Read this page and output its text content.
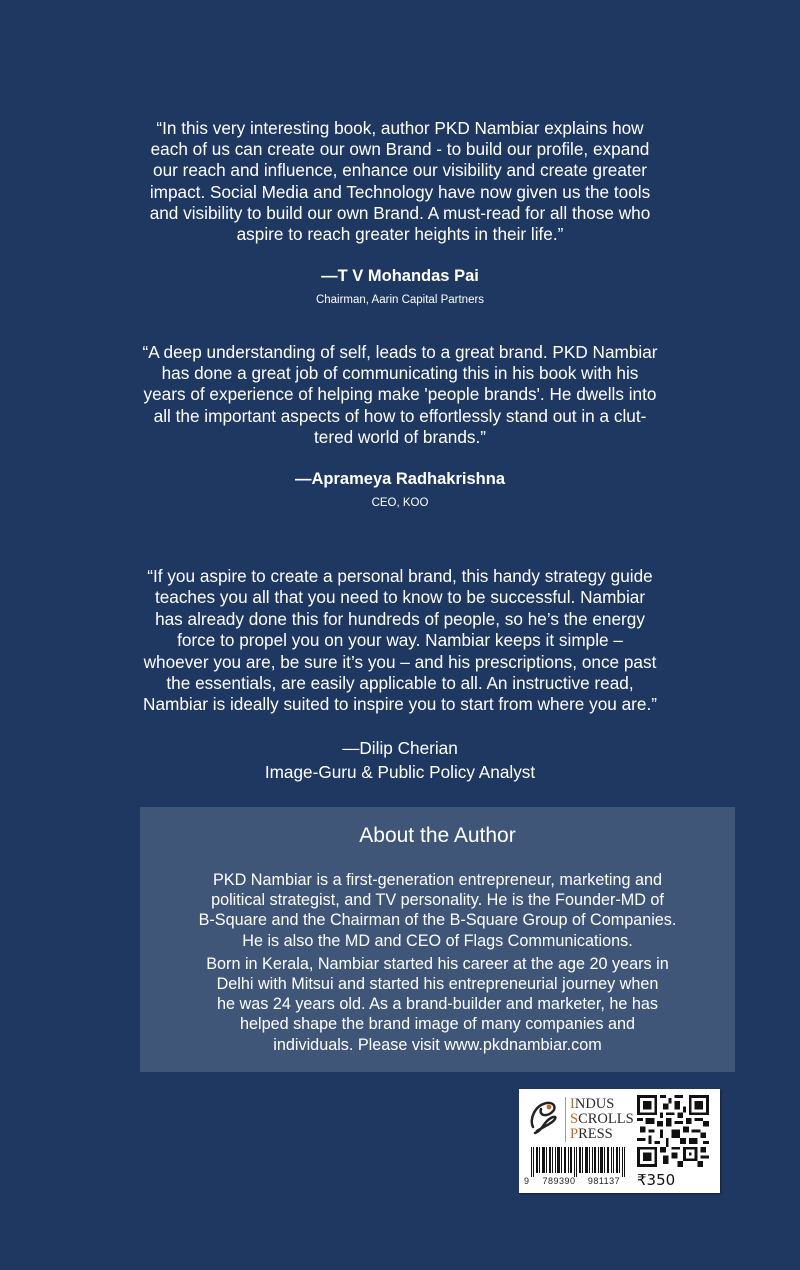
“In this very interesting book, author PKD Nambiar explains how

each of us can create our own Brand - to build our profile, expand

our reach and influence, enhance our visibility and create greater

impact. Social Media and Technology have now given us the tools

and visibility to build our own Brand. A must-read for all those who

aspire to reach greater heights in their life.”

—T V Mohandas Pai
Chairman, Aarin Capital Partners

“A deep understanding of self, leads to a great brand. PKD Nambiar

has done a great job of communicating this in his book with his

years of experience of helping make 'people brands'. He dwells into

all the important aspects of how to effortlessly stand out in a clut-

tered world of brands.”

—Aprameya Radhakrishna
CEO, KOO

“If you aspire to create a personal brand, this handy strategy guide

teaches you all that you need to know to be successful. Nambiar

has already done this for hundreds of people, so he’s the energy

force to propel you on your way. Nambiar keeps it simple –

whoever you are, be sure it’s you – and his prescriptions, once past

the essentials, are easily applicable to all. An instructive read,

Nambiar is ideally suited to inspire you to start from where you are.”

—Dilip Cherian
Image-Guru & Public Policy Analyst
About the Author

PKD Nambiar is a first-generation entrepreneur, marketing and

political strategist, and TV personality. He is the Founder-MD of

B-Square and the Chairman of the B-Square Group of Companies.

He is also the MD and CEO of Flags Communications.

Born in Kerala, Nambiar started his career at the age 20 years in

Delhi with Mitsui and started his entrepreneurial journey when

he was 24 years old. As a brand-builder and marketer, he has

helped shape the brand image of many companies and

individuals. Please visit www.pkdnambiar.com

INDUS
SCROLLS
PRESS
9 789390 981137	₹350
